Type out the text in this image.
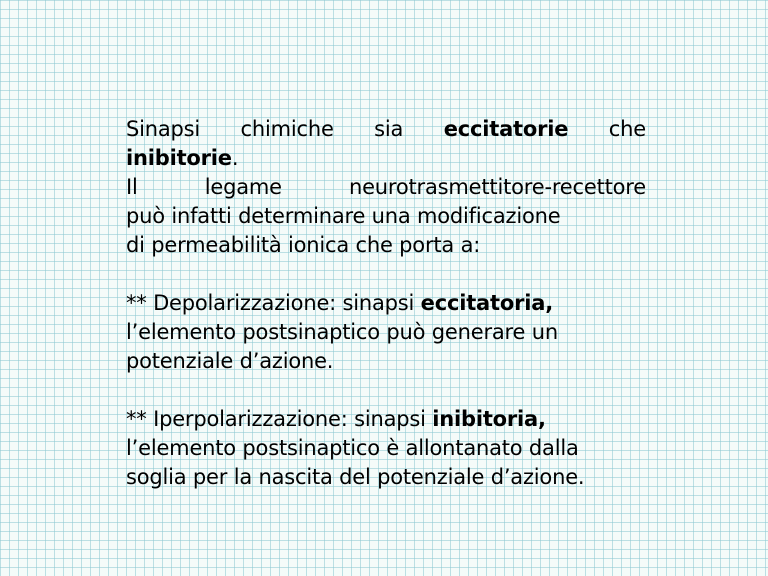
Sinapsi chimiche sia eccitatorie che
inibitorie.
Il legame neurotrasmettitore-recettore
può infatti determinare una modificazione
di permeabilità ionica che porta a:
** Depolarizzazione: sinapsi eccitatoria,
l’elemento postsinaptico può generare un
potenziale d’azione.
** Iperpolarizzazione: sinapsi inibitoria,
l’elemento postsinaptico è allontanato dalla
soglia per la nascita del potenziale d’azione.
